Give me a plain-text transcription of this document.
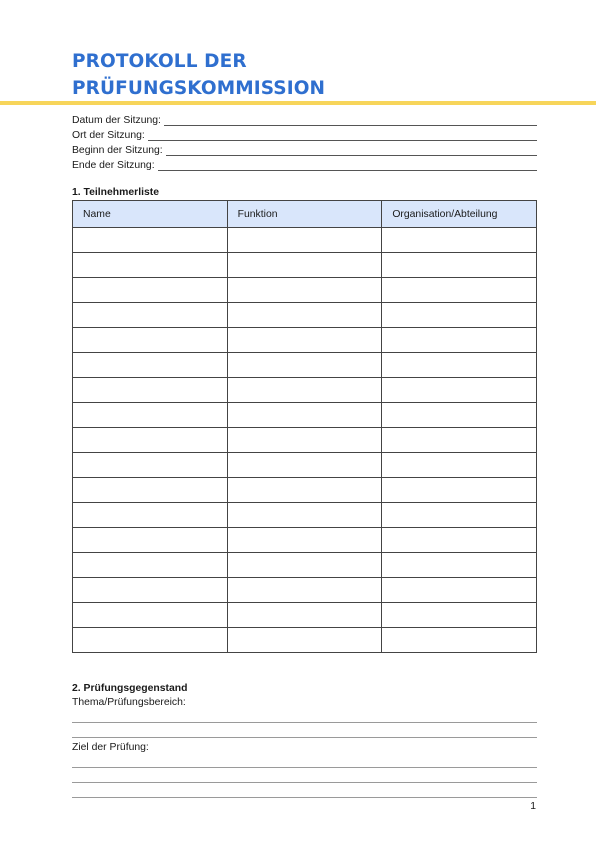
PROTOKOLL DER
PRÜFUNGSKOMMISSION
Datum der Sitzung:
Ort der Sitzung:
Beginn der Sitzung:
Ende der Sitzung:
1. Teilnehmerliste
Name	Funktion	Organisation/Abteilung

2. Prüfungsgegenstand
Thema/Prüfungsbereich:
Ziel der Prüfung:
1
